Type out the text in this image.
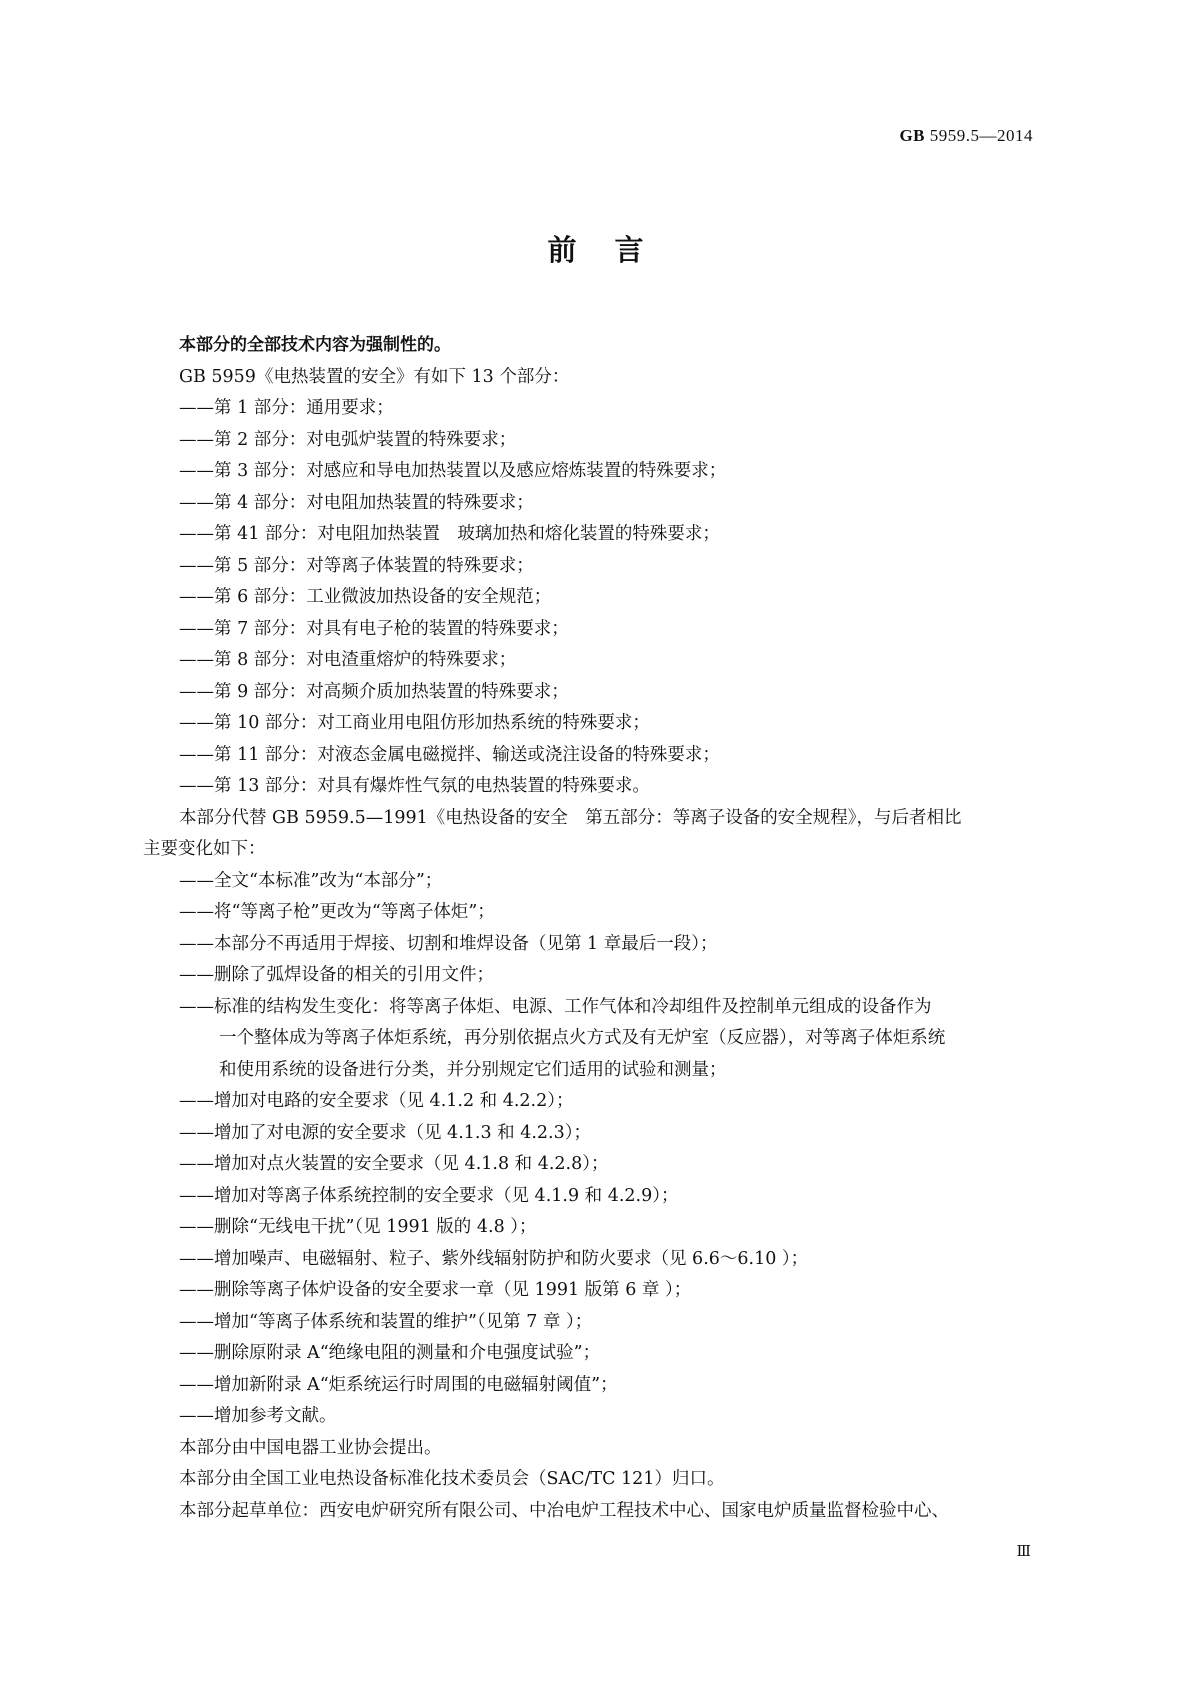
GB 5959.5—2014
前言
本部分的全部技术内容为强制性的。
GB 5959《电热装置的安全》有如下 13 个部分：
——第 1 部分：通用要求；
——第 2 部分：对电弧炉装置的特殊要求；
——第 3 部分：对感应和导电加热装置以及感应熔炼装置的特殊要求；
——第 4 部分：对电阻加热装置的特殊要求；
——第 41 部分：对电阻加热装置　玻璃加热和熔化装置的特殊要求；
——第 5 部分：对等离子体装置的特殊要求；
——第 6 部分：工业微波加热设备的安全规范；
——第 7 部分：对具有电子枪的装置的特殊要求；
——第 8 部分：对电渣重熔炉的特殊要求；
——第 9 部分：对高频介质加热装置的特殊要求；
——第 10 部分：对工商业用电阻仿形加热系统的特殊要求；
——第 11 部分：对液态金属电磁搅拌、输送或浇注设备的特殊要求；
——第 13 部分：对具有爆炸性气氛的电热装置的特殊要求。
本部分代替 GB 5959.5—1991《电热设备的安全　第五部分：等离子设备的安全规程》，与后者相比
主要变化如下：
——全文“本标准”改为“本部分”；
——将“等离子枪”更改为“等离子体炬”；
——本部分不再适用于焊接、切割和堆焊设备（见第 1 章最后一段）；
——删除了弧焊设备的相关的引用文件；
——标准的结构发生变化：将等离子体炬、电源、工作气体和冷却组件及控制单元组成的设备作为
一个整体成为等离子体炬系统，再分别依据点火方式及有无炉室（反应器），对等离子体炬系统
和使用系统的设备进行分类，并分别规定它们适用的试验和测量；
——增加对电路的安全要求（见 4.1.2 和 4.2.2）；
——增加了对电源的安全要求（见 4.1.3 和 4.2.3）；
——增加对点火装置的安全要求（见 4.1.8 和 4.2.8）；
——增加对等离子体系统控制的安全要求（见 4.1.9 和 4.2.9）；
——删除“无线电干扰”（见 1991 版的 4.8 ）；
——增加噪声、电磁辐射、粒子、紫外线辐射防护和防火要求（见 6.6～6.10 ）；
——删除等离子体炉设备的安全要求一章（见 1991 版第 6 章 ）；
——增加“等离子体系统和装置的维护”（见第 7 章 ）；
——删除原附录 A“绝缘电阻的测量和介电强度试验”；
——增加新附录 A“炬系统运行时周围的电磁辐射阈值”；
——增加参考文献。
本部分由中国电器工业协会提出。
本部分由全国工业电热设备标准化技术委员会（SAC/TC 121）归口。
本部分起草单位：西安电炉研究所有限公司、中冶电炉工程技术中心、国家电炉质量监督检验中心、
Ⅲ
